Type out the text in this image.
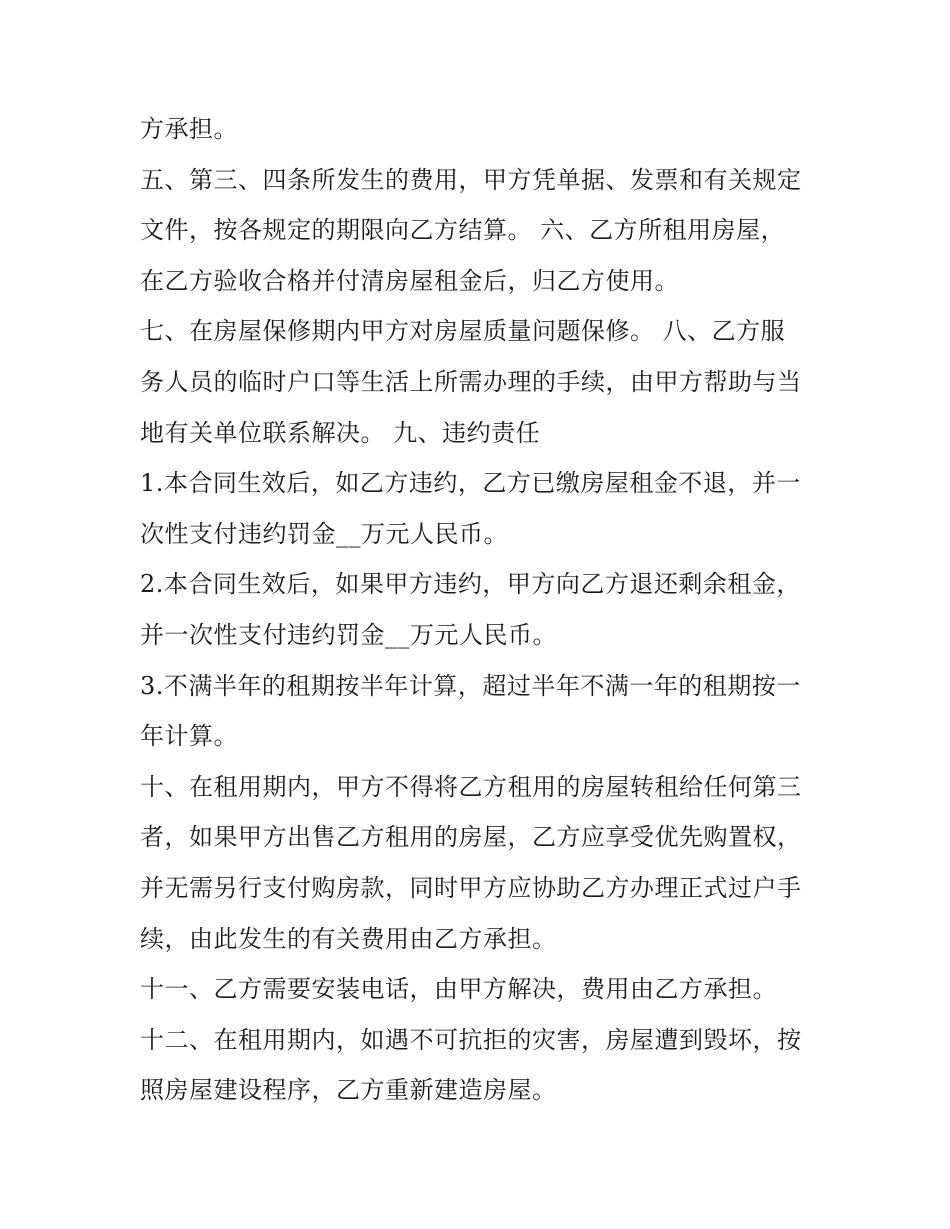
方承担。
五、第三、四条所发生的费用，甲方凭单据、发票和有关规定
文件，按各规定的期限向乙方结算。 六、乙方所租用房屋，
在乙方验收合格并付清房屋租金后，归乙方使用。
七、在房屋保修期内甲方对房屋质量问题保修。 八、乙方服
务人员的临时户口等生活上所需办理的手续，由甲方帮助与当
地有关单位联系解决。 九、违约责任
1.本合同生效后，如乙方违约，乙方已缴房屋租金不退，并一
次性支付违约罚金__万元人民币。
2.本合同生效后，如果甲方违约，甲方向乙方退还剩余租金，
并一次性支付违约罚金__万元人民币。
3.不满半年的租期按半年计算，超过半年不满一年的租期按一
年计算。
十、在租用期内，甲方不得将乙方租用的房屋转租给任何第三
者，如果甲方出售乙方租用的房屋，乙方应享受优先购置权，
并无需另行支付购房款，同时甲方应协助乙方办理正式过户手
续，由此发生的有关费用由乙方承担。
十一、乙方需要安装电话，由甲方解决，费用由乙方承担。
十二、在租用期内，如遇不可抗拒的灾害，房屋遭到毁坏，按
照房屋建设程序，乙方重新建造房屋。
